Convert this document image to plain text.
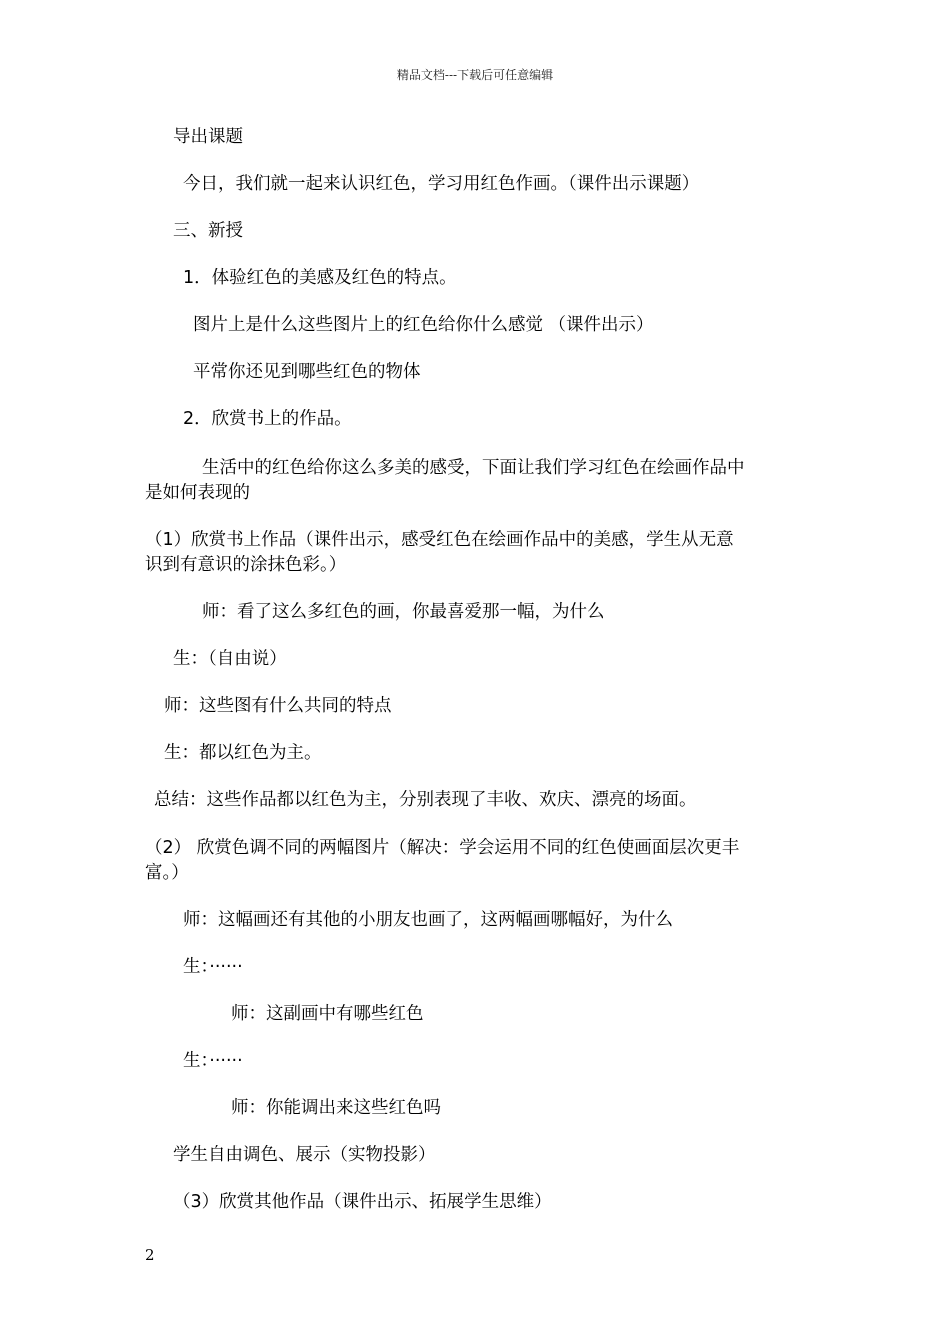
精品文档---下载后可任意编辑
导出课题
今日，我们就一起来认识红色，学习用红色作画。（课件出示课题）
三、新授
1．体验红色的美感及红色的特点。
图片上是什么这些图片上的红色给你什么感觉 （课件出示）
平常你还见到哪些红色的物体
2．欣赏书上的作品。
生活中的红色给你这么多美的感受，下面让我们学习红色在绘画作品中
是如何表现的
（1）欣赏书上作品（课件出示，感受红色在绘画作品中的美感，学生从无意
识到有意识的涂抹色彩。）
师：看了这么多红色的画，你最喜爱那一幅，为什么
生：（自由说）
师：这些图有什么共同的特点
生：都以红色为主。
总结：这些作品都以红色为主，分别表现了丰收、欢庆、漂亮的场面。
（2） 欣赏色调不同的两幅图片（解决：学会运用不同的红色使画面层次更丰
富。）
师：这幅画还有其他的小朋友也画了，这两幅画哪幅好，为什么
生：······
师：这副画中有哪些红色
生：······
师：你能调出来这些红色吗
学生自由调色、展示（实物投影）
（3）欣赏其他作品（课件出示、拓展学生思维）
2
